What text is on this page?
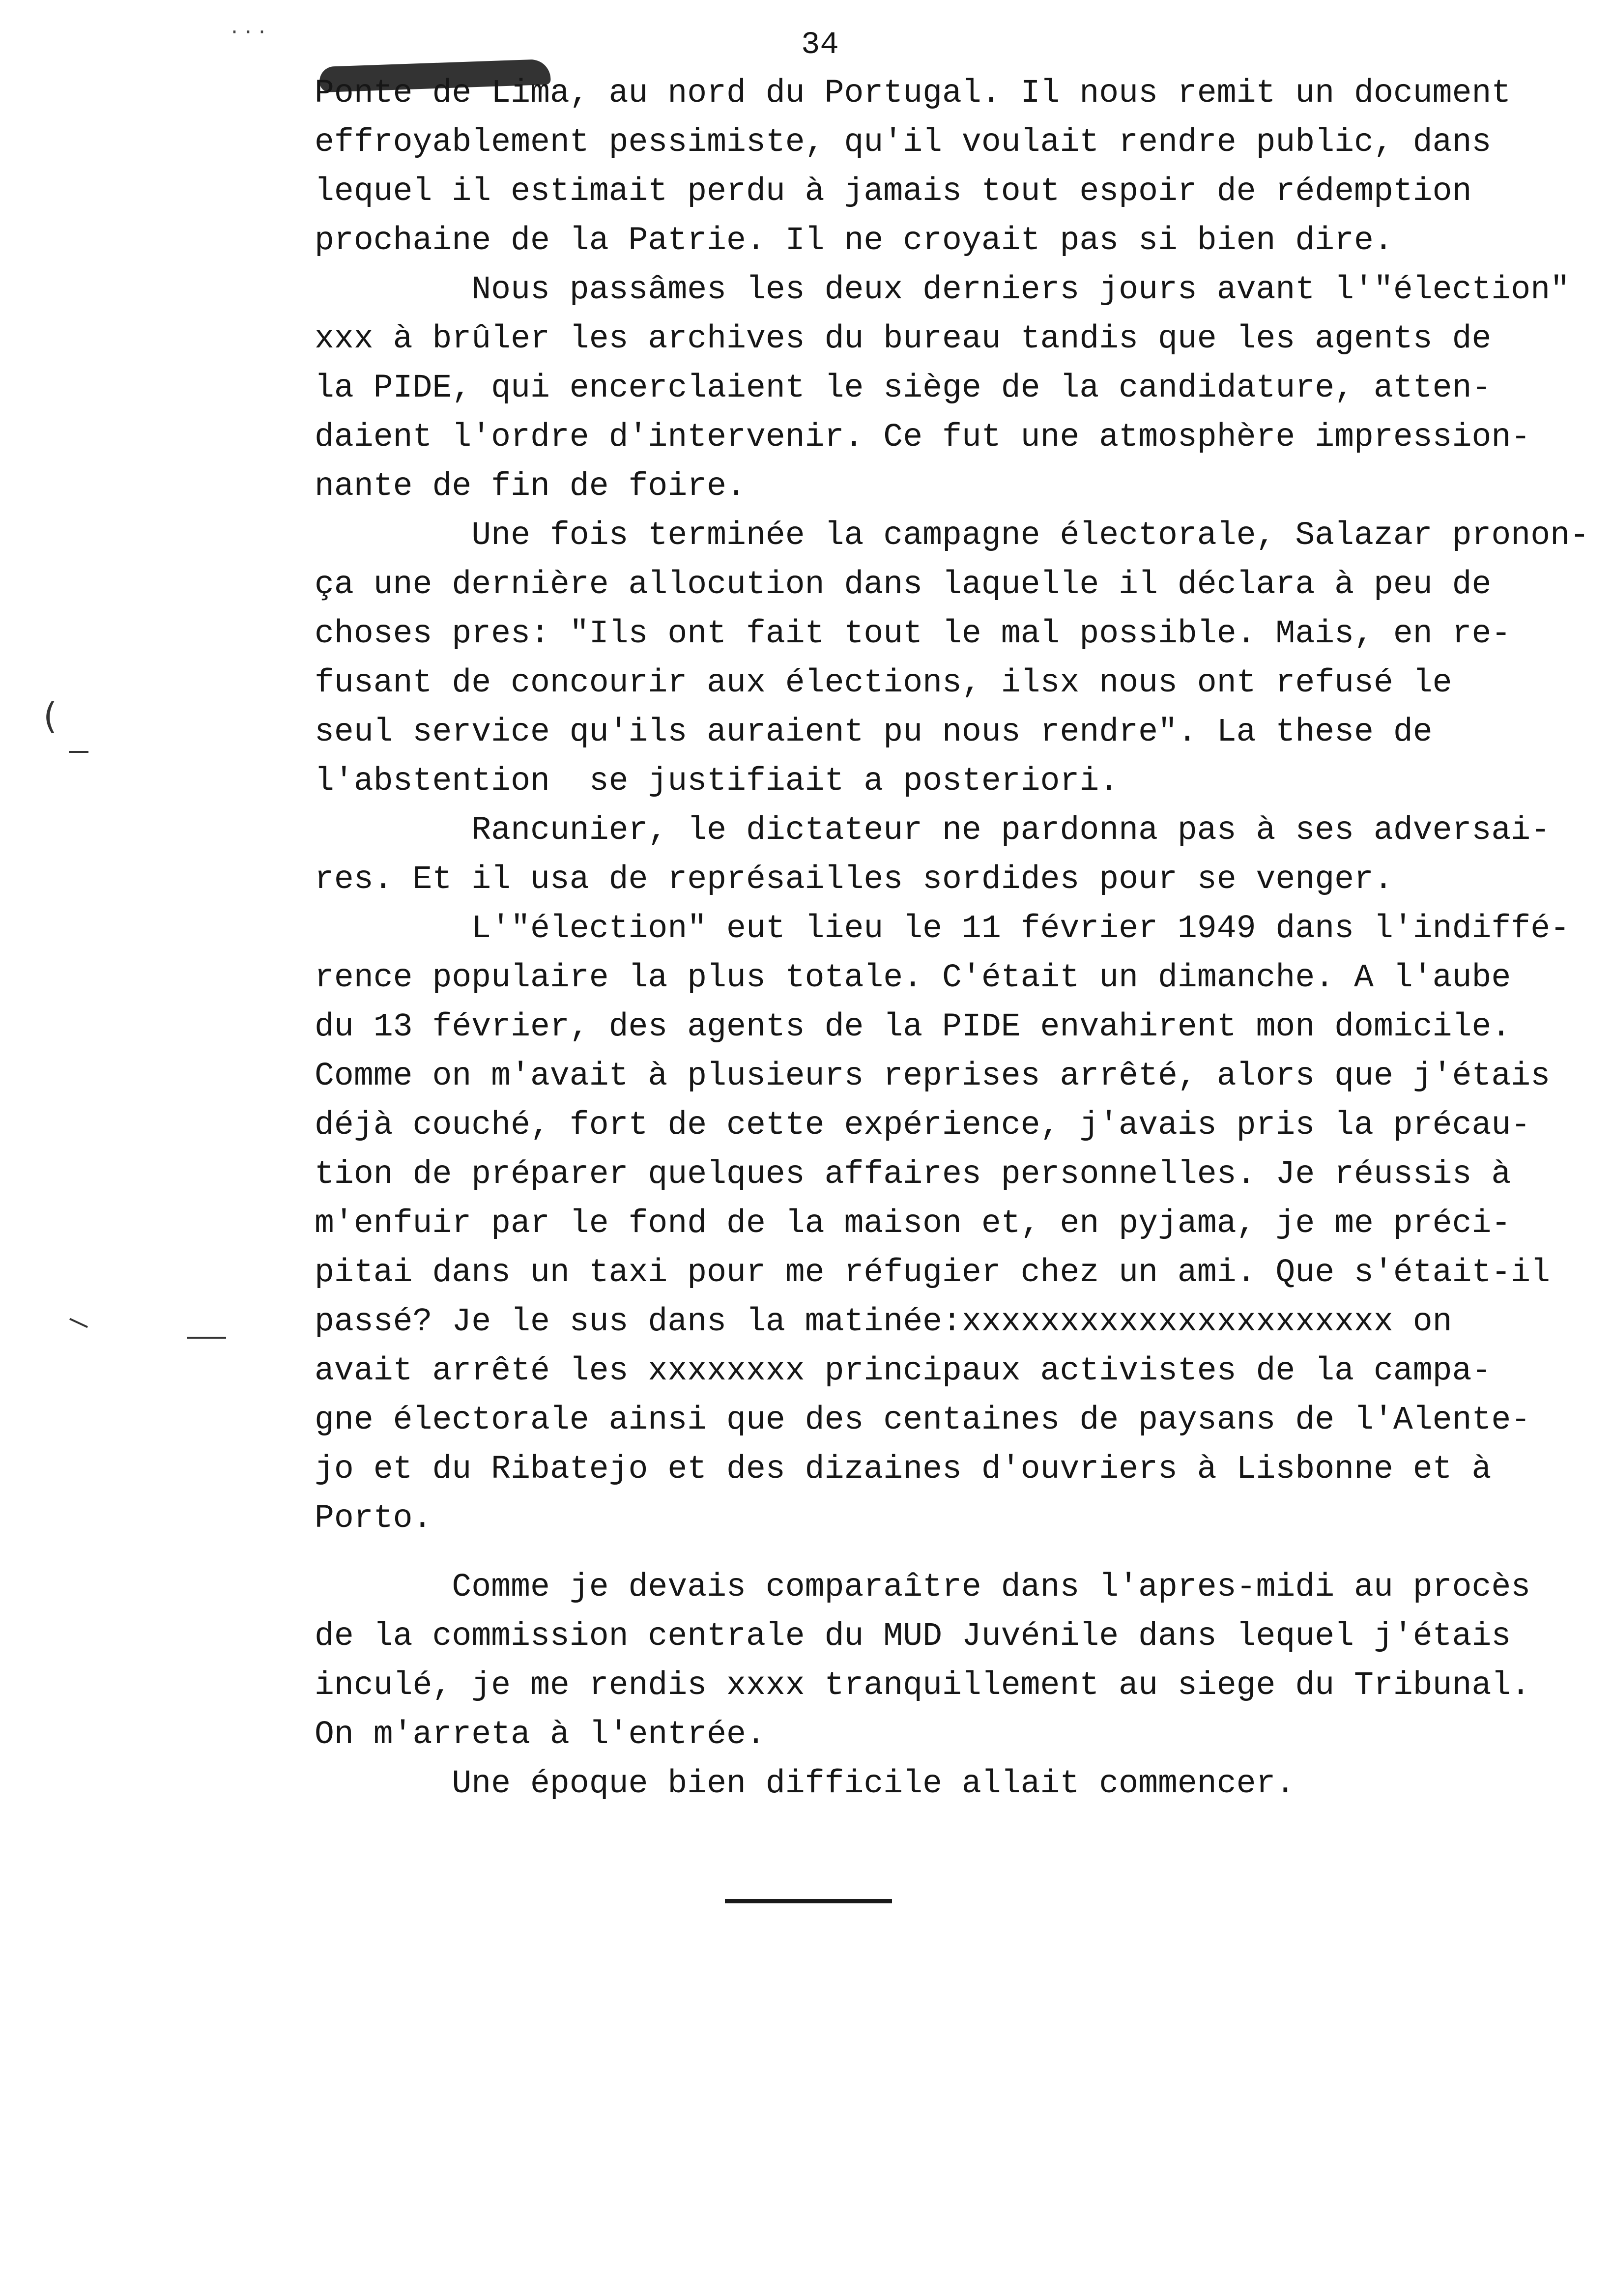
· · ·
(
34
Ponte de Lima, au nord du Portugal. Il nous remit un document
effroyablement pessimiste, qu'il voulait rendre public, dans
lequel il estimait perdu à jamais tout espoir de rédemption
prochaine de la Patrie. Il ne croyait pas si bien dire.
Nous passâmes les deux derniers jours avant l'"élection"
xxx à brûler les archives du bureau tandis que les agents de
la PIDE, qui encerclaient le siège de la candidature, atten-
daient l'ordre d'intervenir. Ce fut une atmosphère impression-
nante de fin de foire.
Une fois terminée la campagne électorale, Salazar pronon-
ça une dernière allocution dans laquelle il déclara à peu de
choses pres: "Ils ont fait tout le mal possible. Mais, en re-
fusant de concourir aux élections, ilsx nous ont refusé le
seul service qu'ils auraient pu nous rendre". La these de
l'abstention  se justifiait a posteriori.
Rancunier, le dictateur ne pardonna pas à ses adversai-
res. Et il usa de représailles sordides pour se venger.
L'"élection" eut lieu le 11 février 1949 dans l'indiffé-
rence populaire la plus totale. C'était un dimanche. A l'aube
du 13 février, des agents de la PIDE envahirent mon domicile.
Comme on m'avait à plusieurs reprises arrêté, alors que j'étais
déjà couché, fort de cette expérience, j'avais pris la précau-
tion de préparer quelques affaires personnelles. Je réussis à
m'enfuir par le fond de la maison et, en pyjama, je me préci-
pitai dans un taxi pour me réfugier chez un ami. Que s'était-il
passé? Je le sus dans la matinée:xxxxxxxxxxxxxxxxxxxxxx on
avait arrêté les xxxxxxxx principaux activistes de la campa-
gne électorale ainsi que des centaines de paysans de l'Alente-
jo et du Ribatejo et des dizaines d'ouvriers à Lisbonne et à
Porto.
Comme je devais comparaître dans l'apres-midi au procès
de la commission centrale du MUD Juvénile dans lequel j'étais
inculé, je me rendis xxxx tranquillement au siege du Tribunal.
On m'arreta à l'entrée.
Une époque bien difficile allait commencer.
